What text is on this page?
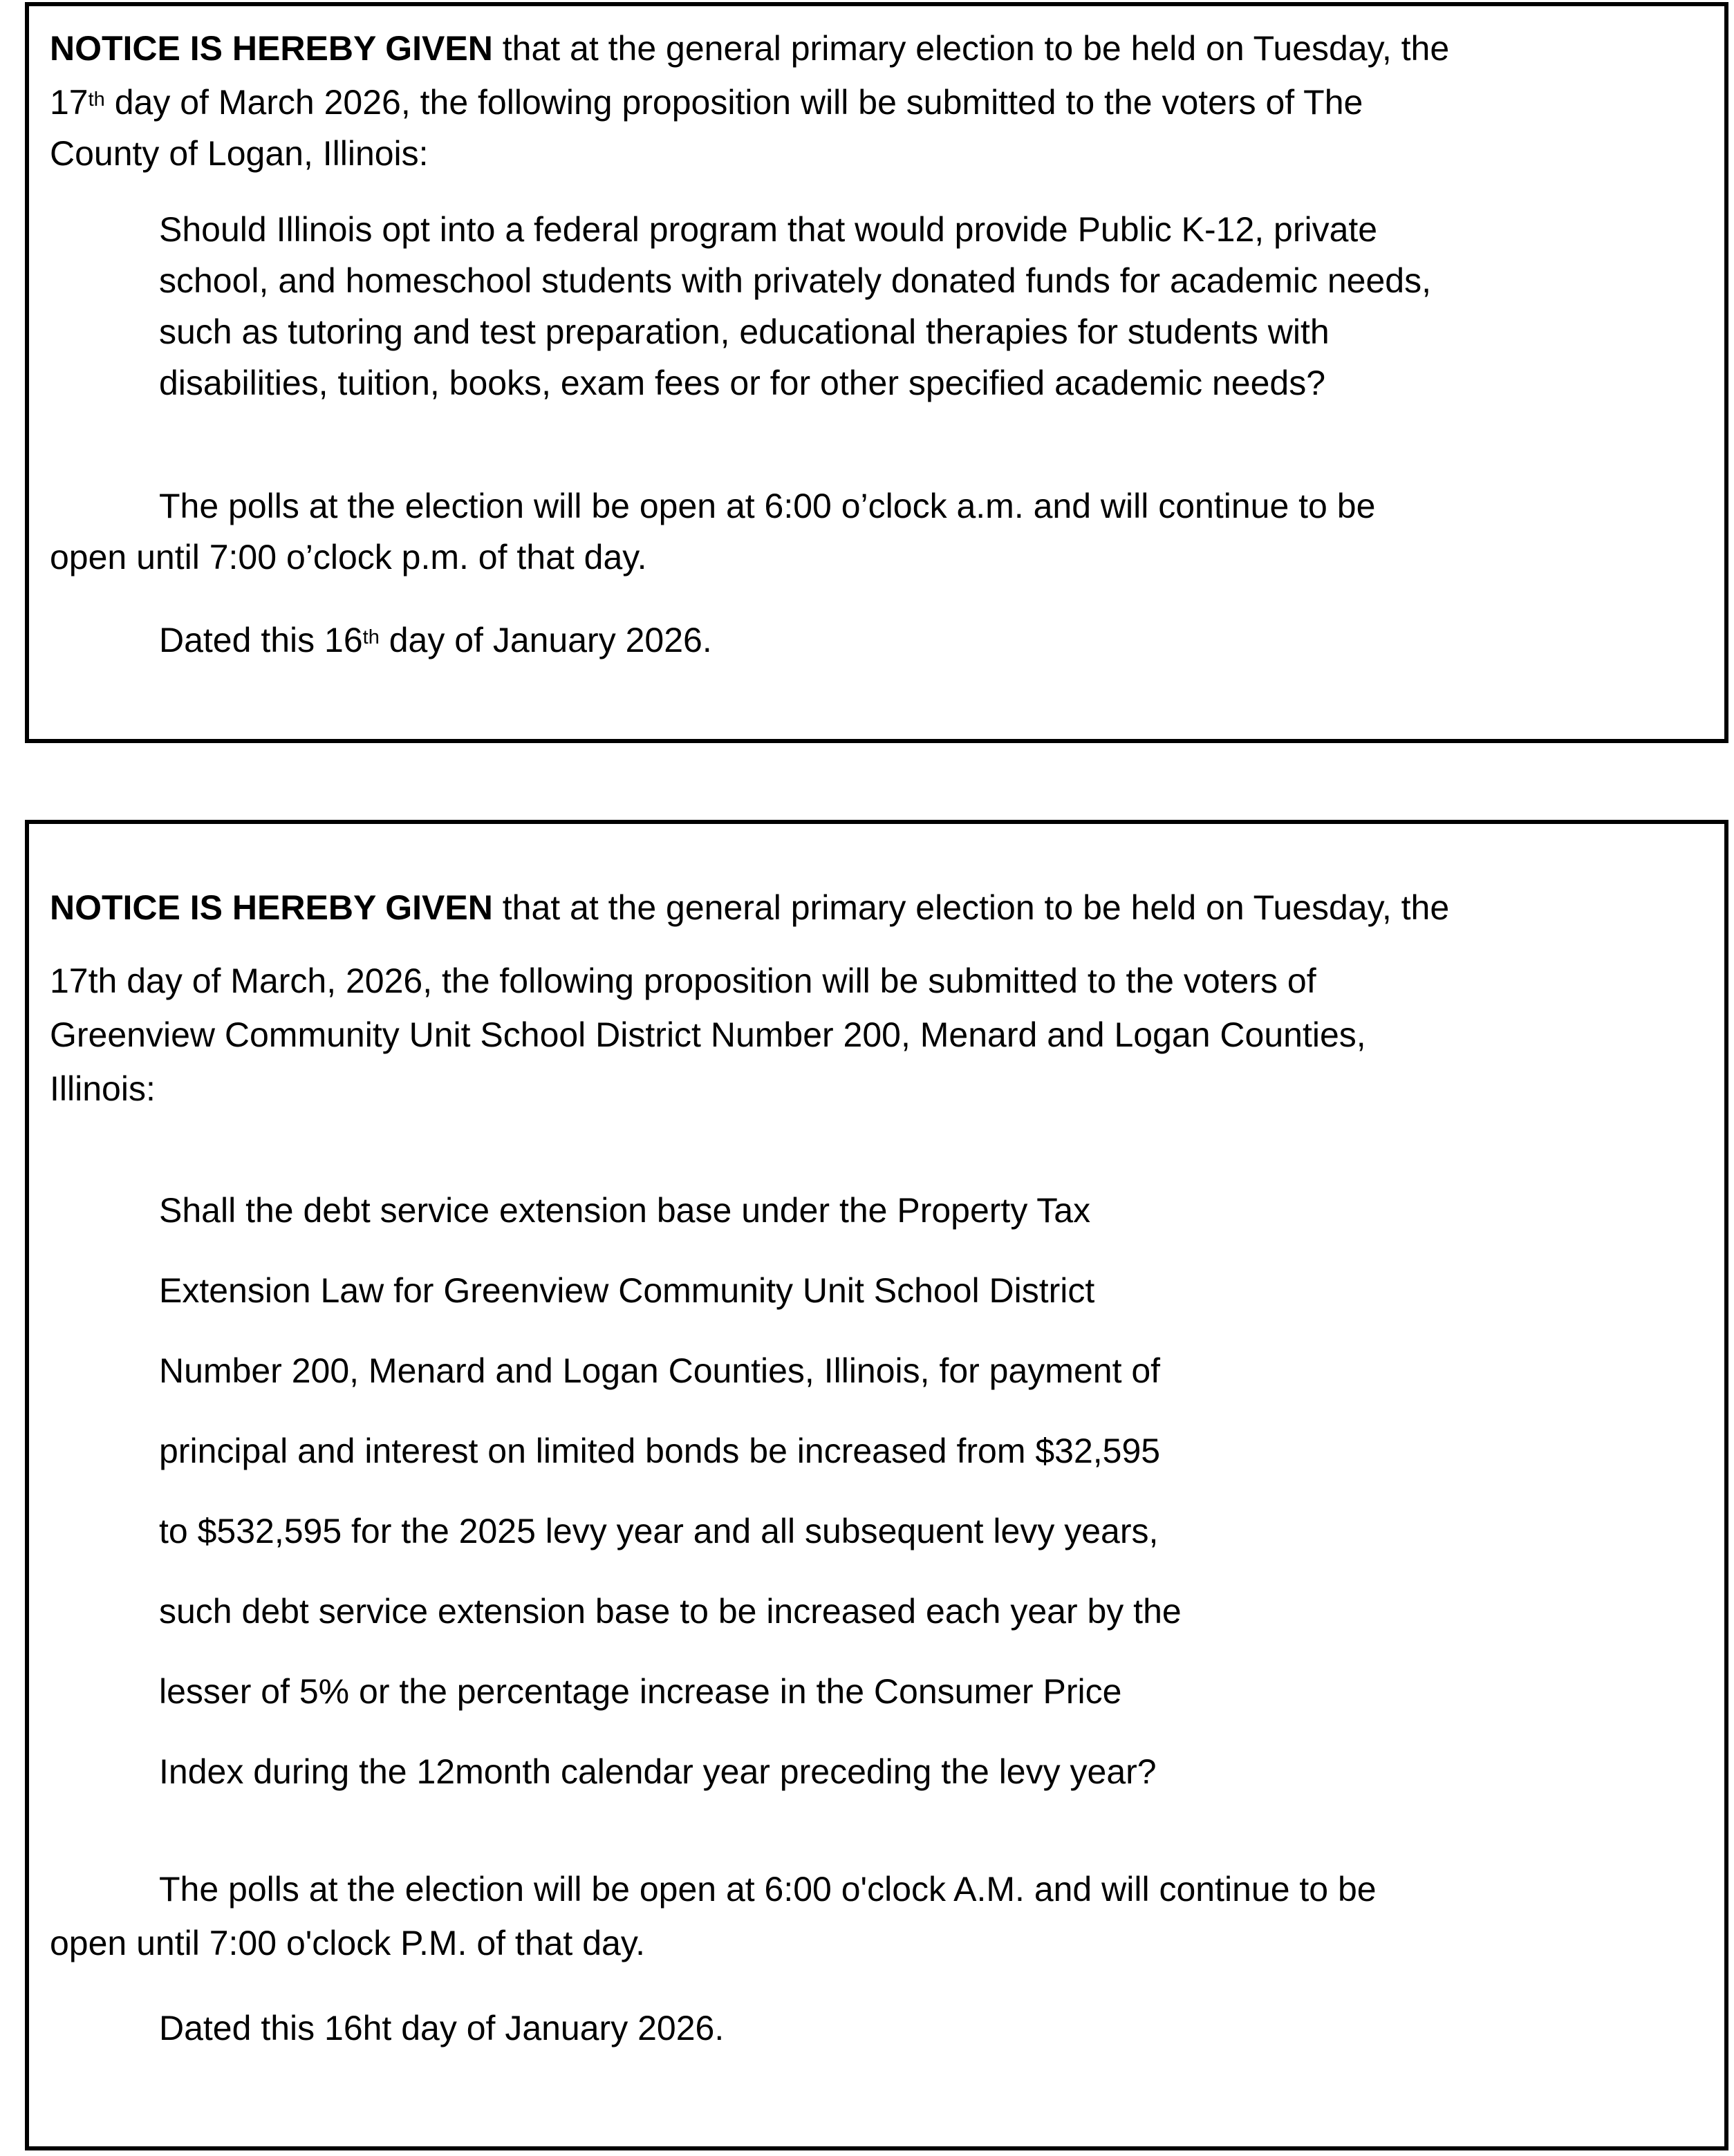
NOTICE IS HEREBY GIVEN that at the general primary election to be held on Tuesday, the
17th day of March 2026, the following proposition will be submitted to the voters of The
County of Logan, Illinois:
Should Illinois opt into a federal program that would provide Public K-12, private
school, and homeschool students with privately donated funds for academic needs,
such as tutoring and test preparation, educational therapies for students with
disabilities, tuition, books, exam fees or for other specified academic needs?
The polls at the election will be open at 6:00 o’clock a.m. and will continue to be
open until 7:00 o’clock p.m. of that day.
Dated this 16th day of January 2026.
NOTICE IS HEREBY GIVEN that at the general primary election to be held on Tuesday, the
17th day of March, 2026, the following proposition will be submitted to the voters of
Greenview Community Unit School District Number 200, Menard and Logan Counties,
Illinois:
Shall the debt service extension base under the Property Tax
Extension Law for Greenview Community Unit School District
Number 200, Menard and Logan Counties, Illinois, for payment of
principal and interest on limited bonds be increased from $32,595
to $532,595 for the 2025 levy year and all subsequent levy years,
such debt service extension base to be increased each year by the
lesser of 5% or the percentage increase in the Consumer Price
Index during the 12month calendar year preceding the levy year?
The polls at the election will be open at 6:00 o'clock A.M. and will continue to be
open until 7:00 o'clock P.M. of that day.
Dated this 16ht day of January 2026.
